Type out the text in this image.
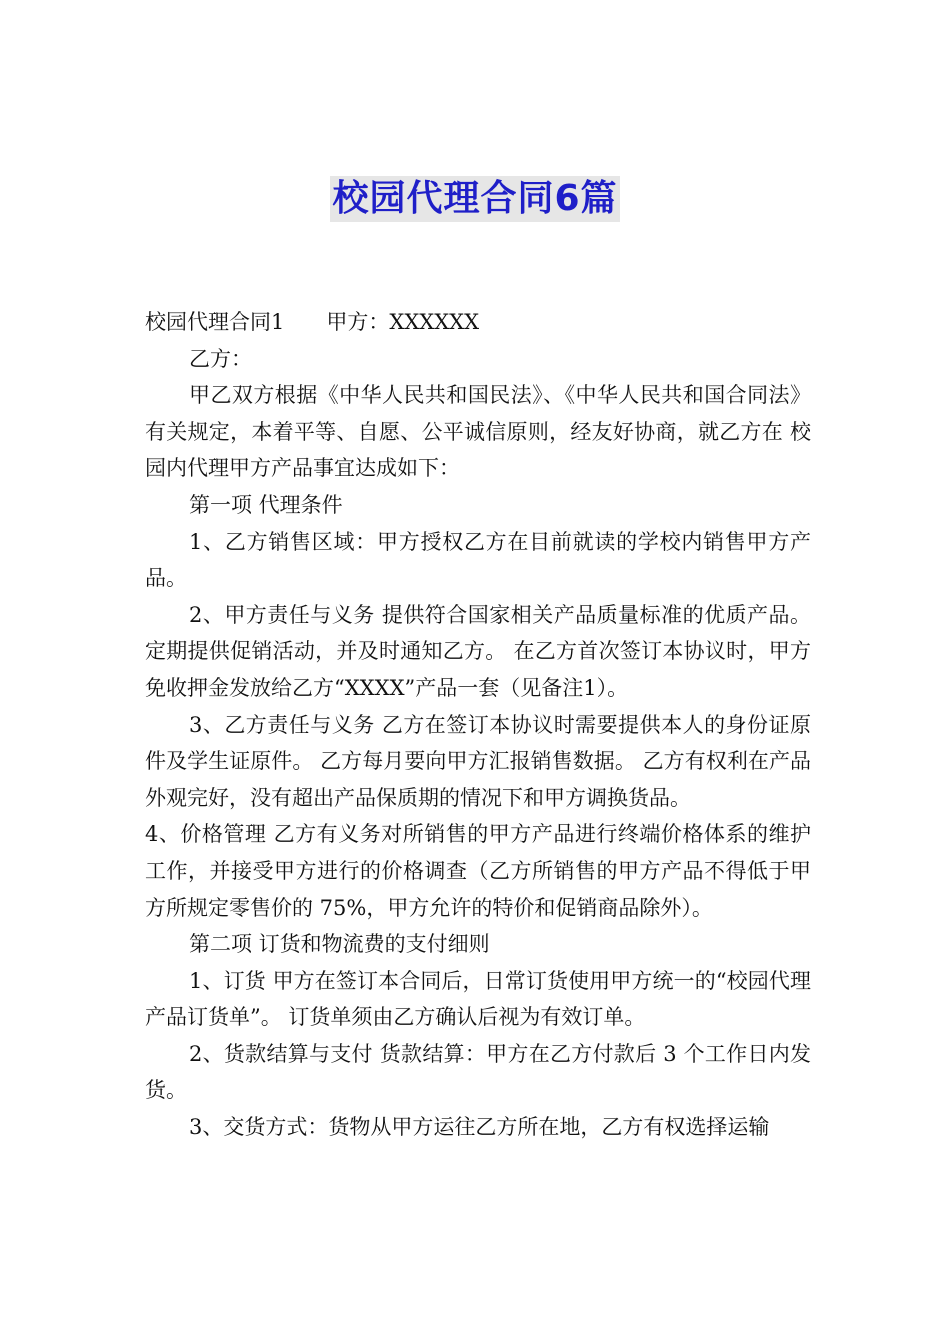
校园代理合同6篇

校园代理合同1 甲方：XXXXXX

乙方：

甲乙双方根据《中华人民共和国民法》、《中华人民共和国合同法》有关规定，本着平等、自愿、公平诚信原则，经友好协商，就乙方在 校园内代理甲方产品事宜达成如下：

第一项 代理条件

1、乙方销售区域：甲方授权乙方在目前就读的学校内销售甲方产品。

2、甲方责任与义务 提供符合国家相关产品质量标准的优质产品。 定期提供促销活动，并及时通知乙方。 在乙方首次签订本协议时，甲方免收押金发放给乙方“XXXX”产品一套（见备注1）。

3、乙方责任与义务 乙方在签订本协议时需要提供本人的身份证原件及学生证原件。 乙方每月要向甲方汇报销售数据。 乙方有权利在产品外观完好，没有超出产品保质期的情况下和甲方调换货品。

4、价格管理 乙方有义务对所销售的甲方产品进行终端价格体系的维护工作，并接受甲方进行的价格调查（乙方所销售的甲方产品不得低于甲方所规定零售价的 75%，甲方允许的特价和促销商品除外）。

第二项 订货和物流费的支付细则

1、订货 甲方在签订本合同后，日常订货使用甲方统一的“校园代理产品订货单”。 订货单须由乙方确认后视为有效订单。

2、货款结算与支付 货款结算：甲方在乙方付款后 3 个工作日内发货。

3、交货方式：货物从甲方运往乙方所在地，乙方有权选择运输
